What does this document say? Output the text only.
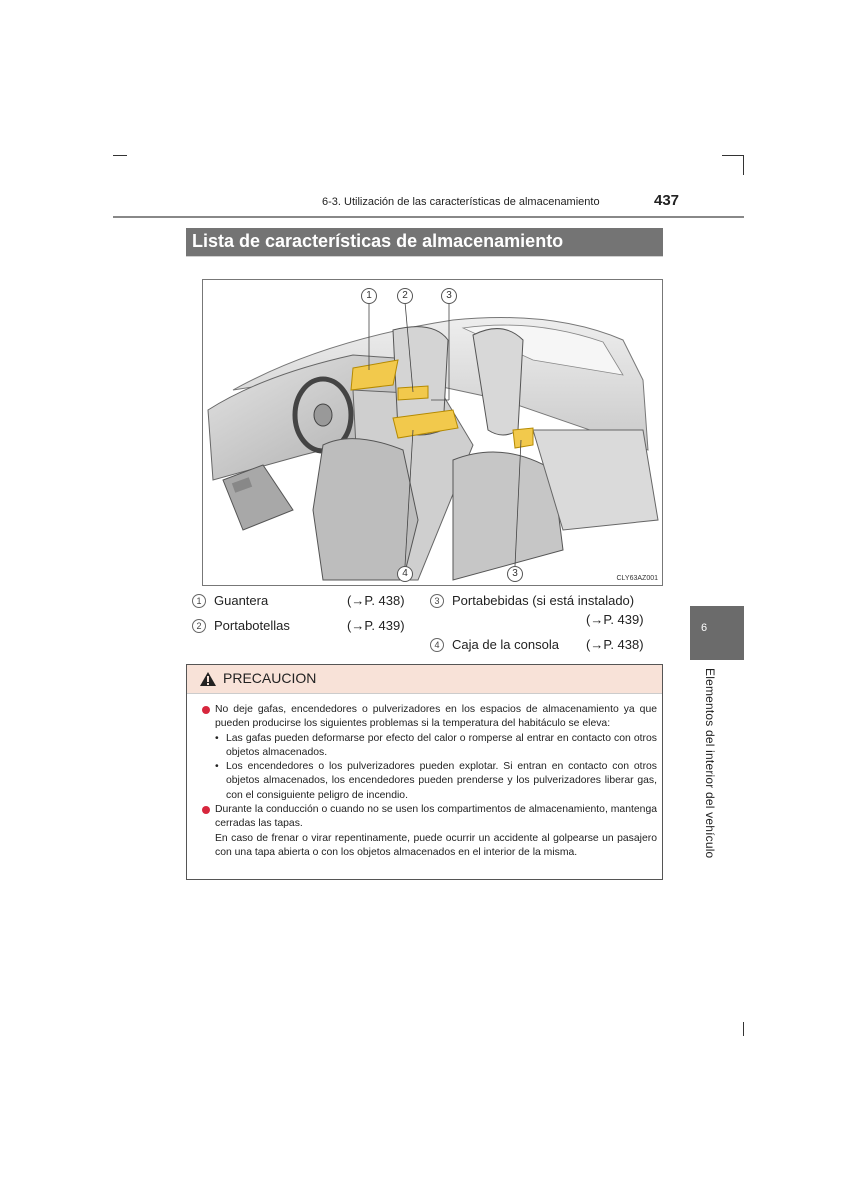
6-3. Utilización de las características de almacenamiento	437
Lista de características de almacenamiento
1	2	3
4	3	CLY63AZ001
1 Guantera	(→P. 438)
2 Portabotellas	(→P. 439)
3 Portabebidas (si está instalado)
(→P. 439)
4 Caja de la consola (→P. 438)
PRECAUCION
No deje gafas, encendedores o pulverizadores en los espacios de almacenamiento ya que pueden producirse los siguientes problemas si la temperatura del habitáculo se eleva:
• Las gafas pueden deformarse por efecto del calor o romperse al entrar en contacto con otros objetos almacenados.
• Los encendedores o los pulverizadores pueden explotar. Si entran en contacto con otros objetos almacenados, los encendedores pueden prenderse y los pulverizadores liberar gas, con el consiguiente peligro de incendio.
Durante la conducción o cuando no se usen los compartimentos de almacenamiento, mantenga cerradas las tapas.
En caso de frenar o virar repentinamente, puede ocurrir un accidente al golpearse un pasajero con una tapa abierta o con los objetos almacenados en el interior de la misma.
6
Elementos del interior del vehículo
